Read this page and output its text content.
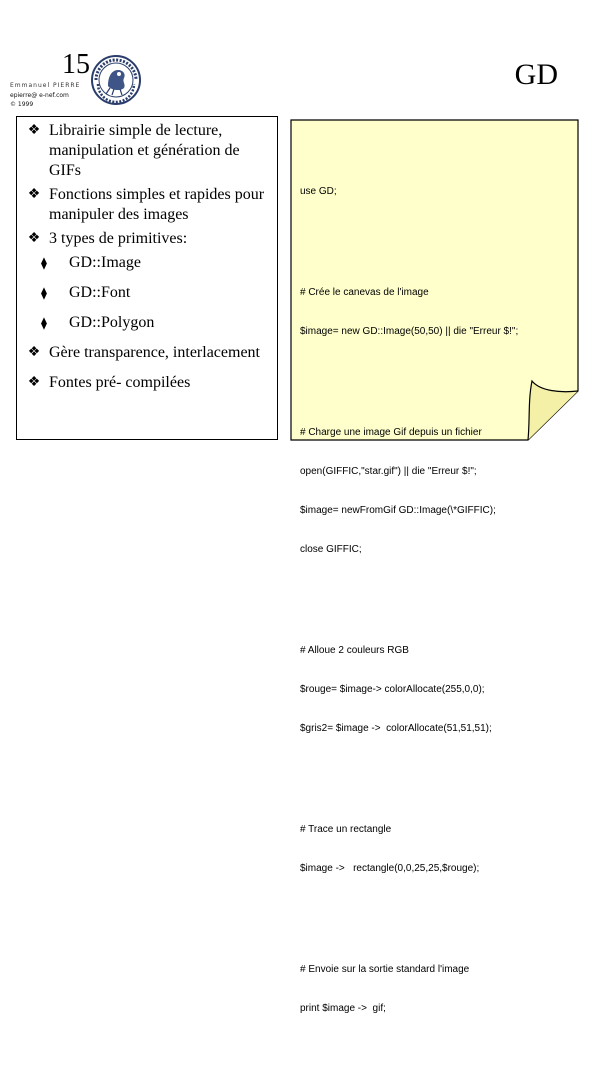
15
Emmanuel PIERRE
epierre@ e-nef.com
© 1999
GD
❖ Librairie simple de lecture, manipulation et génération de GIFs
❖ Fonctions simples et rapides pour manipuler des images
❖ 3 types de primitives:
⧫ GD::Image
⧫ GD::Font
⧫ GD::Polygon
❖ Gère transparence, interlacement
❖ Fontes pré- compilées

use GD;

# Crée le canevas de l'image

$image= new GD::Image(50,50) || die "Erreur $!";

# Charge une image Gif depuis un fichier

open(GIFFIC,"star.gif") || die "Erreur $!";

$image= newFromGif GD::Image(\*GIFFIC);

close GIFFIC;

# Alloue 2 couleurs RGB

$rouge= $image-> colorAllocate(255,0,0);

$gris2= $image ->  colorAllocate(51,51,51);

# Trace un rectangle

$image ->   rectangle(0,0,25,25,$rouge);

# Envoie sur la sortie standard l'image

print $image ->  gif;
